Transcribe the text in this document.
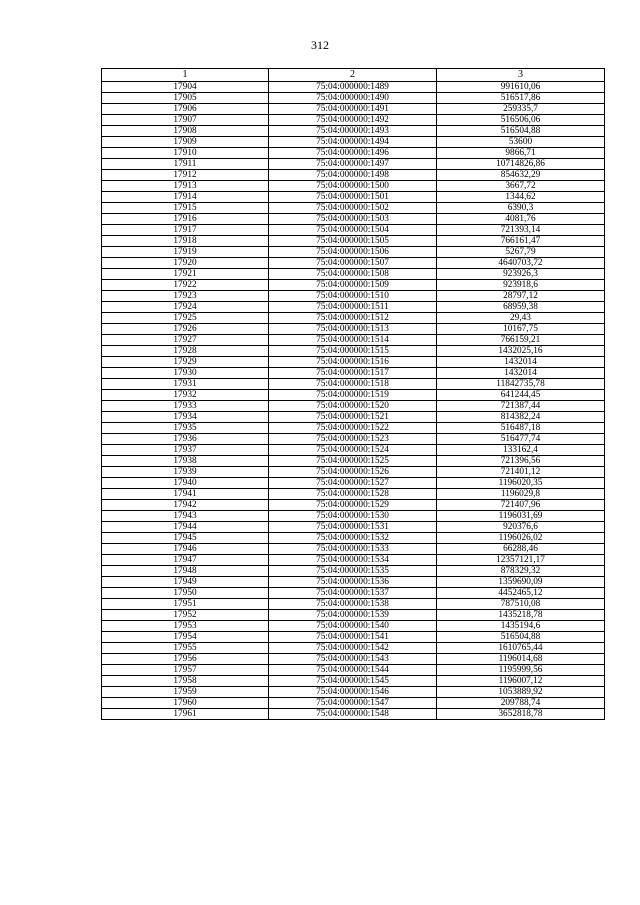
312
1	2	3
17904	75:04:000000:1489	991610,06
17905	75:04:000000:1490	516517,86
17906	75:04:000000:1491	259335,7
17907	75:04:000000:1492	516506,06
17908	75:04:000000:1493	516504,88
17909	75:04:000000:1494	53600
17910	75:04:000000:1496	9866,71
17911	75:04:000000:1497	10714826,86
17912	75:04:000000:1498	854632,29
17913	75:04:000000:1500	3667,72
17914	75:04:000000:1501	1344,62
17915	75:04:000000:1502	6390,3
17916	75:04:000000:1503	4081,76
17917	75:04:000000:1504	721393,14
17918	75:04:000000:1505	766161,47
17919	75:04:000000:1506	5267,79
17920	75:04:000000:1507	4640703,72
17921	75:04:000000:1508	923926,3
17922	75:04:000000:1509	923918,6
17923	75:04:000000:1510	28797,12
17924	75:04:000000:1511	68959,38
17925	75:04:000000:1512	29,43
17926	75:04:000000:1513	10167,75
17927	75:04:000000:1514	766159,21
17928	75:04:000000:1515	1432025,16
17929	75:04:000000:1516	1432014
17930	75:04:000000:1517	1432014
17931	75:04:000000:1518	11842735,78
17932	75:04:000000:1519	641244,45
17933	75:04:000000:1520	721387,44
17934	75:04:000000:1521	814382,24
17935	75:04:000000:1522	516487,18
17936	75:04:000000:1523	516477,74
17937	75:04:000000:1524	133162,4
17938	75:04:000000:1525	721396,56
17939	75:04:000000:1526	721401,12
17940	75:04:000000:1527	1196020,35
17941	75:04:000000:1528	1196029,8
17942	75:04:000000:1529	721407,96
17943	75:04:000000:1530	1196031,69
17944	75:04:000000:1531	920376,6
17945	75:04:000000:1532	1196026,02
17946	75:04:000000:1533	66288,46
17947	75:04:000000:1534	12357121,17
17948	75:04:000000:1535	878329,32
17949	75:04:000000:1536	1359690,09
17950	75:04:000000:1537	4452465,12
17951	75:04:000000:1538	787510,08
17952	75:04:000000:1539	1435218,78
17953	75:04:000000:1540	1435194,6
17954	75:04:000000:1541	516504,88
17955	75:04:000000:1542	1610765,44
17956	75:04:000000:1543	1196014,68
17957	75:04:000000:1544	1195999,56
17958	75:04:000000:1545	1196007,12
17959	75:04:000000:1546	1053889,92
17960	75:04:000000:1547	209788,74
17961	75:04:000000:1548	3652818,78
